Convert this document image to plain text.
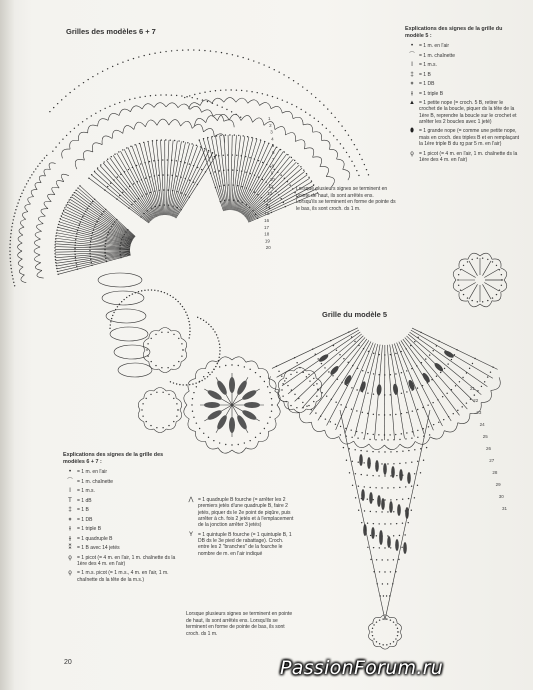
1
2
3
4
5
6
7
8
9
10
11
12
13
14
15
16
17
18
19
20
21
22
23
24
25
26
27
28
29
30
31
Grilles des modèles 6 + 7
Grille du modèle 5
Lorsque plusieurs signes se terminent en pointe de haut, ils sont arrêtés ens. Lorsqu'ils se terminent en forme de pointe ds le bas, ils sont croch. ds 1 m.
Explications des signes de la grille du modèle 5 :
•	= 1 m. en l'air
⌒ = 1 m. chaînette
ǀ	= 1 m.s.
‡	= 1 B
⧧	= 1 DB
⫲	= 1 triple B
▲ = 1 petite nope (= croch. 5 B, retirer le crochet de la boucle, piquer ds la tête de la 1ère B, reprendre la boucle sur le crochet et arrêter les 2 boucles avec 1 jeté)
⬮	= 1 grande nope (= comme une petite nope, mais en croch. des triples B et en remplaçant la 1ère triple B du rg par 5 m. en l'air)
ϙ	= 1 picot (= 4 m. en l'air, 1 m. chaînette ds la 1ère des 4 m. en l'air)
Explications des signes de la grille des modèles 6 + 7 :
•	= 1 m. en l'air
⌒ = 1 m. chaînette
ǀ	= 1 m.s.
T	= 1 dB
‡	= 1 B
⧧	= 1 DB
⫲	= 1 triple B
⫳	= 1 quadruple B
⁑	= 1 B avec 14 jetés
ϙ	= 1 picot (= 4 m. en l'air, 1 m. chaînette ds la 1ère des 4 m. en l'air)
ϙ	= 1 m.s. picot (= 1 m.s., 4 m. en l'air, 1 m. chaînette ds la tête de la m.s.)
⋀ = 1 quadruple B fourche (= arrêter les 2 premiers jetés d'une quadruple B, faire 2 jetés, piquer ds le 2e point de piqûre, puis arrêter à ch. fois 2 jetés et à l'emplacement de la jonction arrêter 3 jetés)
Y	= 1 quintuple B fourche (= 1 quintuple B, 1 DB ds le 3e pied de rabattage). Croch. entre les 2 "branches" de la fourche le nombre de m. en l'air indiqué
Lorsque plusieurs signes se terminent en pointe de haut, ils sont arrêtés ens. Lorsqu'ils se terminent en forme de pointe de bas, ils sont croch. ds 1 m.
20	PassionForum.ru
